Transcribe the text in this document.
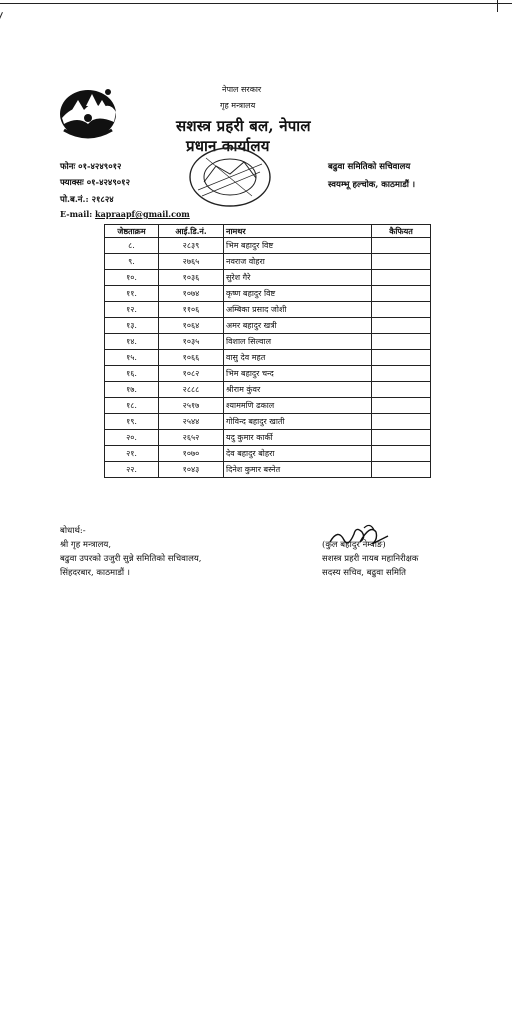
नेपाल सरकार
गृह मन्त्रालय
सशस्त्र प्रहरी बल, नेपाल
प्रधान कार्यालय
फोनः ०१-४२४९०१२
फ्याक्सः ०१-४२४९०१२
पो.ब.नं.: २१८२४
E-mail: kapraapf@gmail.com
बढुवा समितिको सचिवालय
स्वयम्भू हल्चोक, काठमाडौं ।
जेष्ठताक्रम	आई.डि.नं.	नामथर	कैफियत
८.	२८३९	भिम बहादुर विष्ट	
९.	२७६५	नवराज वोहरा	
१०.	१०३६	सुरेश गैरे	
११.	१०७४	कृष्ण बहादुर विष्ट	
१२.	११०६	अम्बिका प्रसाद जोशी	
१३.	१०६४	अमर बहादुर खत्री	
१४.	१०३५	विशाल सिल्वाल	
१५.	१०६६	वासु देव महत	
१६.	१०८२	भिम बहादुर चन्द	
१७.	२८८८	श्रीराम कुंवर	
१८.	२५१७	श्याममणि ढकाल	
१९.	२५४४	गोविन्द बहादुर खाती	
२०.	२६५२	यदु कुमार कार्की	
२१.	१०७०	देव बहादुर बोहरा	
२२.	१०४३	दिनेश कुमार बस्नेत	
बोधार्थ:-
श्री गृह मन्त्रालय,
बढुवा उपरको उजुरी सुन्ने समितिको सचिवालय,
सिंहदरबार, काठमाडौं ।
(कुल बहादुर नेम्वाङ)
सशस्त्र प्रहरी नायब महानिरीक्षक
सदस्य सचिव, बढुवा समिति
